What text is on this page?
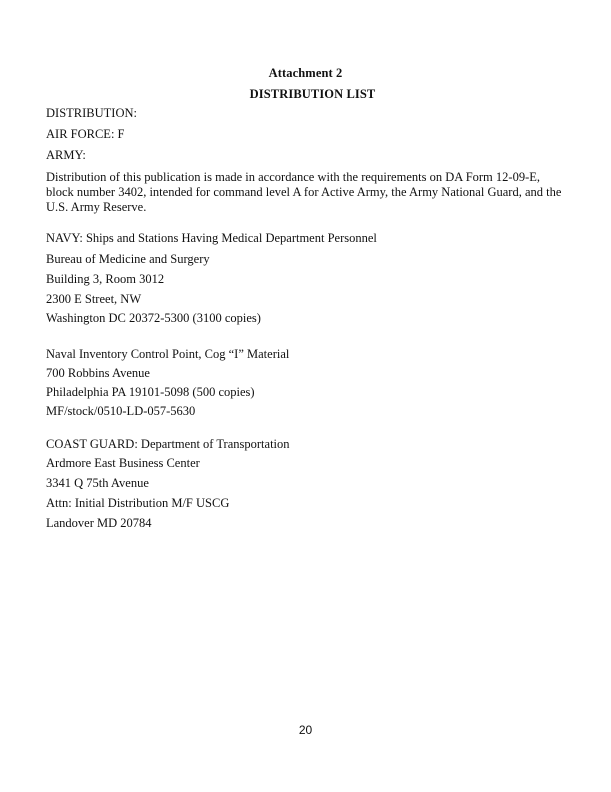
Attachment 2
DISTRIBUTION LIST
DISTRIBUTION:
AIR FORCE: F
ARMY:
Distribution of this publication is made in accordance with the requirements on DA Form 12-09-E, block number 3402, intended for command level A for Active Army, the Army National Guard, and the U.S. Army Reserve.
NAVY: Ships and Stations Having Medical Department Personnel
Bureau of Medicine and Surgery
Building 3, Room 3012
2300 E Street, NW
Washington DC 20372-5300 (3100 copies)
Naval Inventory Control Point, Cog “I” Material
700 Robbins Avenue
Philadelphia PA 19101-5098 (500 copies)
MF/stock/0510-LD-057-5630
COAST GUARD: Department of Transportation
Ardmore East Business Center
3341 Q 75th Avenue
Attn: Initial Distribution M/F USCG
Landover MD 20784
20
